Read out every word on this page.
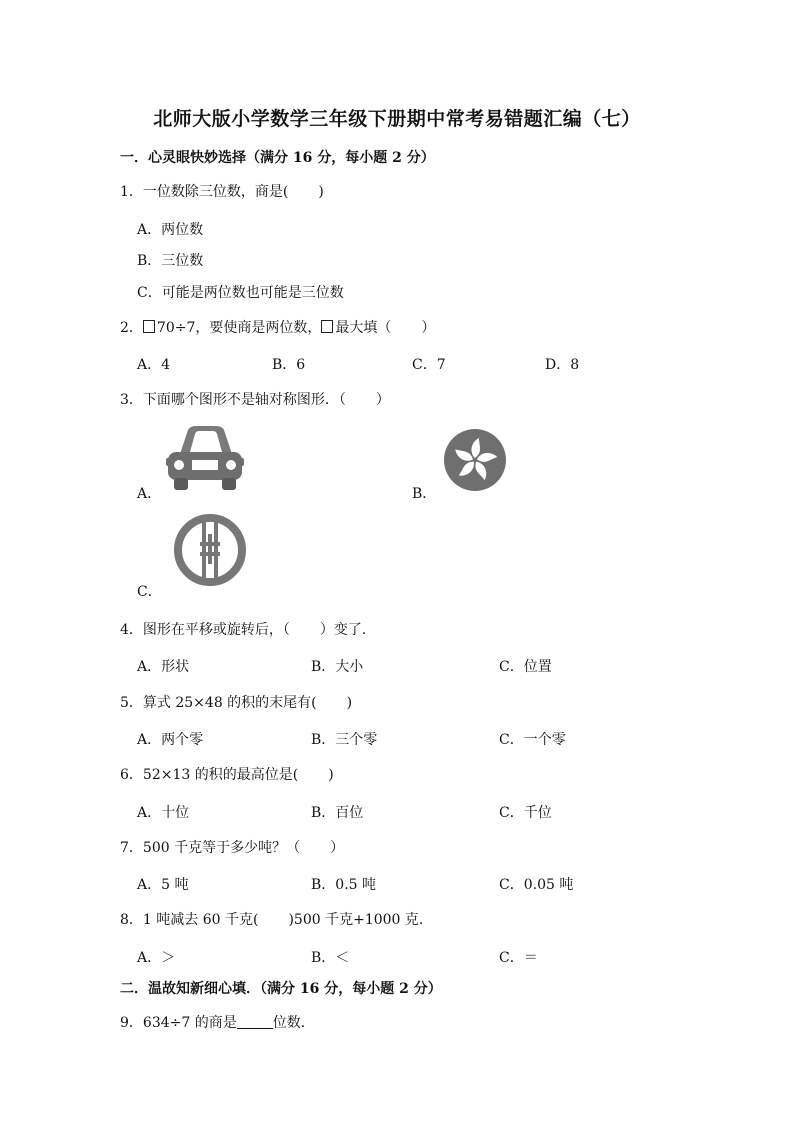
北师大版小学数学三年级下册期中常考易错题汇编（七）
一．心灵眼快妙选择（满分 16 分，每小题 2 分）
1．一位数除三位数，商是( )
A．两位数
B．三位数
C．可能是两位数也可能是三位数
2． 70÷7，要使商是两位数， 最大填（ ）
A．4	B．6	C．7	D．8
3．下面哪个图形不是轴对称图形．（ ）
A．	B．
C．
4．图形在平移或旋转后，（ ）变了．
A．形状	B．大小	C．位置
5．算式 25×48 的积的末尾有( )
A．两个零	B．三个零	C．一个零
6．52×13 的积的最高位是( )
A．十位	B．百位	C．千位
7．500 千克等于多少吨？（ ）
A．5 吨	B．0.5 吨	C．0.05 吨
8．1 吨减去 60 千克( )500 千克+1000 克．
A．＞	B．＜	C．＝
二．温故知新细心填．（满分 16 分，每小题 2 分）
9．634÷7 的商是	位数．
